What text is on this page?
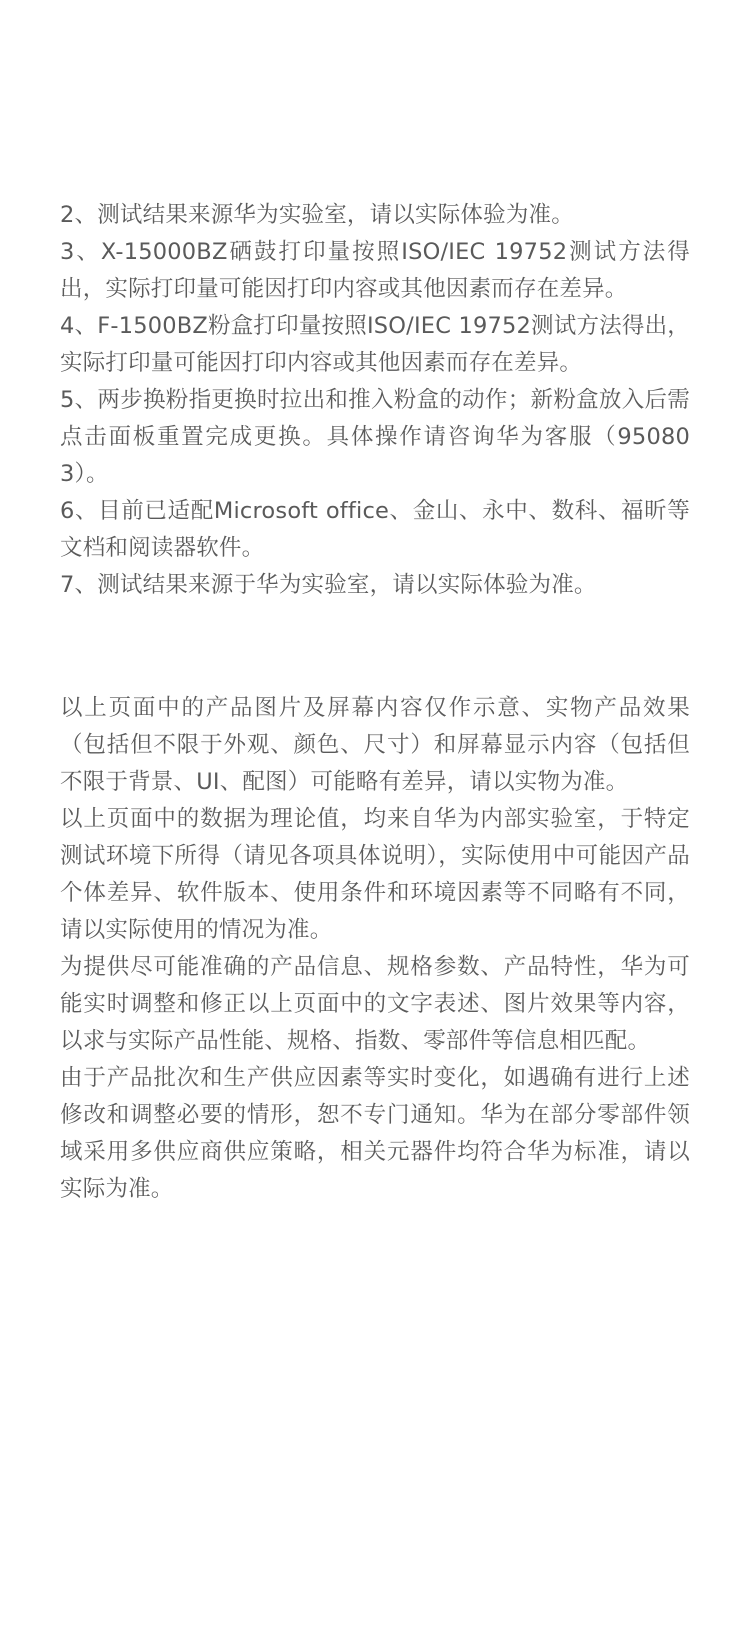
2、测试结果来源华为实验室，请以实际体验为准。

3、X-15000BZ硒鼓打印量按照ISO/IEC 19752测试方法得出，实际打印量可能因打印内容或其他因素而存在差异。

4、F-1500BZ粉盒打印量按照ISO/IEC 19752测试方法得出，实际打印量可能因打印内容或其他因素而存在差异。

5、两步换粉指更换时拉出和推入粉盒的动作；新粉盒放入后需点击面板重置完成更换。具体操作请咨询华为客服（950803）。

6、目前已适配Microsoft office、金山、永中、数科、福昕等文档和阅读器软件。

7、测试结果来源于华为实验室，请以实际体验为准。

以上页面中的产品图片及屏幕内容仅作示意、实物产品效果（包括但不限于外观、颜色、尺寸）和屏幕显示内容（包括但不限于背景、UI、配图）可能略有差异，请以实物为准。

以上页面中的数据为理论值，均来自华为内部实验室，于特定测试环境下所得（请见各项具体说明），实际使用中可能因产品个体差异、软件版本、使用条件和环境因素等不同略有不同，请以实际使用的情况为准。

为提供尽可能准确的产品信息、规格参数、产品特性，华为可能实时调整和修正以上页面中的文字表述、图片效果等内容，以求与实际产品性能、规格、指数、零部件等信息相匹配。

由于产品批次和生产供应因素等实时变化，如遇确有进行上述修改和调整必要的情形，恕不专门通知。华为在部分零部件领域采用多供应商供应策略，相关元器件均符合华为标准，请以实际为准。
